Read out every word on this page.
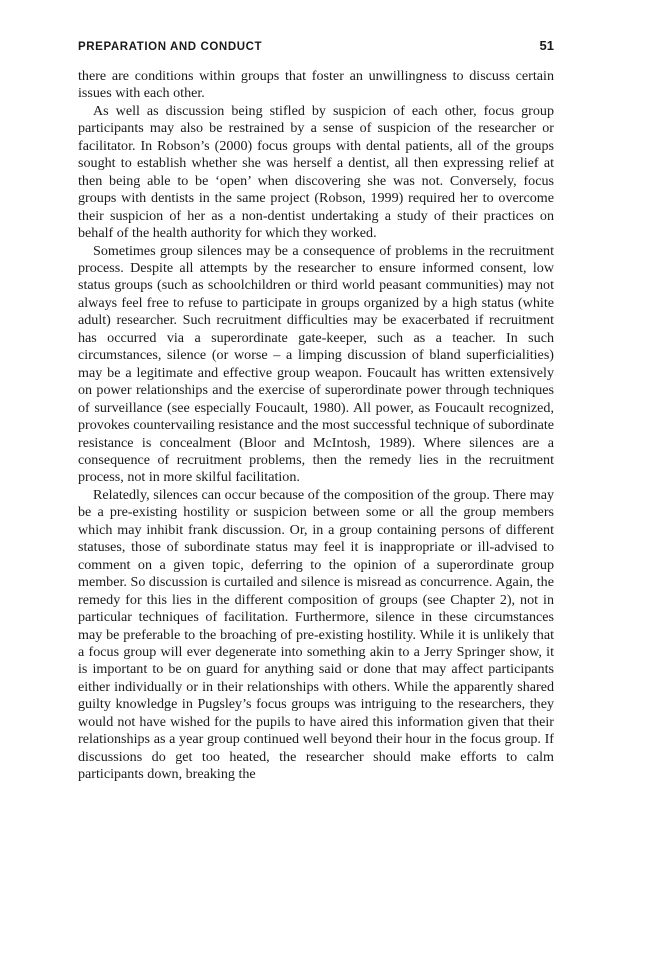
PREPARATION AND CONDUCT	51

there are conditions within groups that foster an unwillingness to discuss certain issues with each other.

As well as discussion being stifled by suspicion of each other, focus group participants may also be restrained by a sense of suspicion of the researcher or facilitator. In Robson’s (2000) focus groups with dental patients, all of the groups sought to establish whether she was herself a dentist, all then expressing relief at then being able to be ‘open’ when discovering she was not. Conversely, focus groups with dentists in the same project (Robson, 1999) required her to overcome their suspicion of her as a non-dentist undertaking a study of their practices on behalf of the health authority for which they worked.

Sometimes group silences may be a consequence of problems in the recruitment process. Despite all attempts by the researcher to ensure informed consent, low status groups (such as schoolchildren or third world peasant communities) may not always feel free to refuse to participate in groups organized by a high status (white adult) researcher. Such recruitment difficulties may be exacerbated if recruitment has occurred via a superordinate gate-keeper, such as a teacher. In such circumstances, silence (or worse – a limping discussion of bland superficialities) may be a legitimate and effective group weapon. Foucault has written extensively on power relationships and the exercise of superordinate power through techniques of surveillance (see especially Foucault, 1980). All power, as Foucault recognized, provokes countervailing resistance and the most successful technique of subordinate resistance is concealment (Bloor and McIntosh, 1989). Where silences are a consequence of recruitment problems, then the remedy lies in the recruitment process, not in more skilful facilitation.

Relatedly, silences can occur because of the composition of the group. There may be a pre-existing hostility or suspicion between some or all the group members which may inhibit frank discussion. Or, in a group containing persons of different statuses, those of subordinate status may feel it is inappropriate or ill-advised to comment on a given topic, deferring to the opinion of a superordinate group member. So discussion is curtailed and silence is misread as concurrence. Again, the remedy for this lies in the different composition of groups (see Chapter 2), not in particular techniques of facilitation. Furthermore, silence in these circumstances may be preferable to the broaching of pre-existing hostility. While it is unlikely that a focus group will ever degenerate into something akin to a Jerry Springer show, it is important to be on guard for anything said or done that may affect participants either individually or in their relationships with others. While the apparently shared guilty knowledge in Pugsley’s focus groups was intriguing to the researchers, they would not have wished for the pupils to have aired this information given that their relationships as a year group continued well beyond their hour in the focus group. If discussions do get too heated, the researcher should make efforts to calm participants down, breaking the
